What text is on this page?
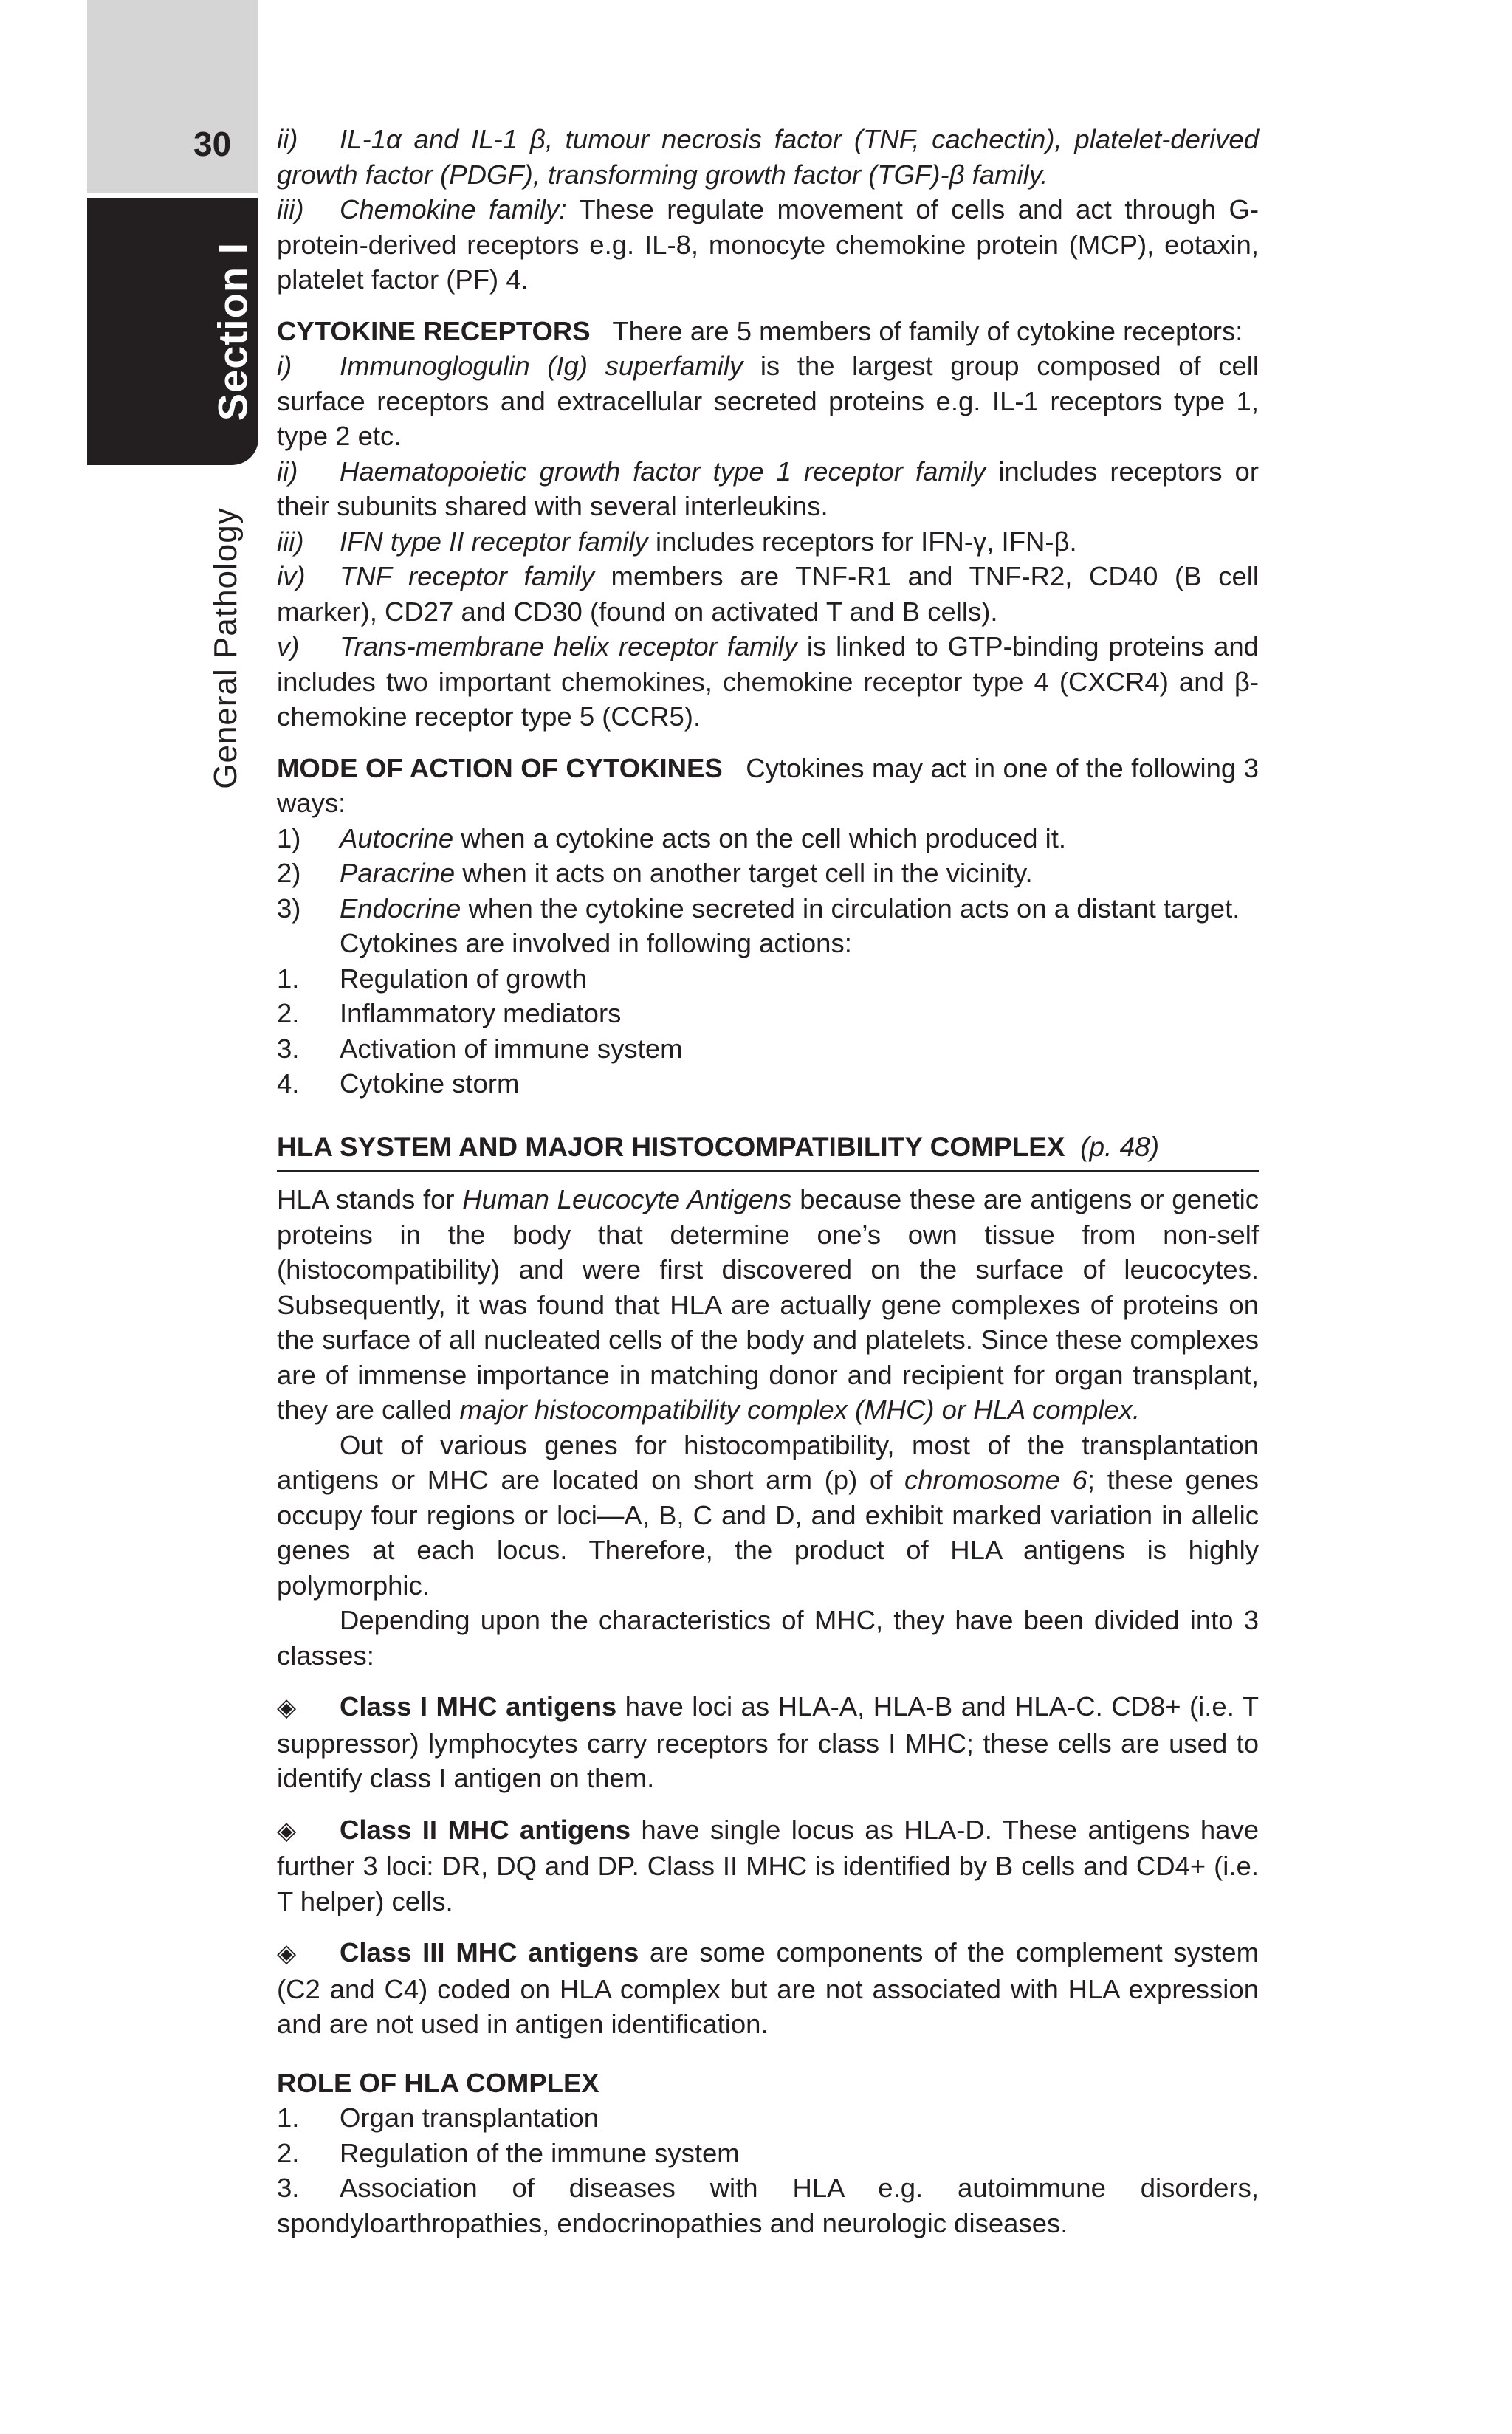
30
Section I
General Pathology

ii) IL-1α and IL-1 β, tumour necrosis factor (TNF, cachectin), platelet-derived growth factor (PDGF), transforming growth factor (TGF)-β family.

iii) Chemokine family: These regulate movement of cells and act through G-protein-derived receptors e.g. IL-8, monocyte chemokine protein (MCP), eotaxin, platelet factor (PF) 4.

CYTOKINE RECEPTORS There are 5 members of family of cytokine receptors:

i) Immunoglogulin (Ig) superfamily is the largest group composed of cell surface receptors and extracellular secreted proteins e.g. IL-1 receptors type 1, type 2 etc.

ii) Haematopoietic growth factor type 1 receptor family includes receptors or their subunits shared with several interleukins.

iii) IFN type II receptor family includes receptors for IFN-γ, IFN-β.

iv) TNF receptor family members are TNF-R1 and TNF-R2, CD40 (B cell marker), CD27 and CD30 (found on activated T and B cells).

v) Trans-membrane helix receptor family is linked to GTP-binding proteins and includes two important chemokines, chemokine receptor type 4 (CXCR4) and β-chemokine receptor type 5 (CCR5).

MODE OF ACTION OF CYTOKINES Cytokines may act in one of the following 3 ways:

1) Autocrine when a cytokine acts on the cell which produced it.

2) Paracrine when it acts on another target cell in the vicinity.

3) Endocrine when the cytokine secreted in circulation acts on a distant target.

Cytokines are involved in following actions:

1. Regulation of growth

2. Inflammatory mediators

3. Activation of immune system

4. Cytokine storm

HLA SYSTEM AND MAJOR HISTOCOMPATIBILITY COMPLEX (p. 48)

HLA stands for Human Leucocyte Antigens because these are antigens or genetic proteins in the body that determine one’s own tissue from non-self (histocompatibility) and were first discovered on the surface of leucocytes. Subsequently, it was found that HLA are actually gene complexes of proteins on the surface of all nucleated cells of the body and platelets. Since these complexes are of immense importance in matching donor and recipient for organ transplant, they are called major histocompatibility complex (MHC) or HLA complex.

Out of various genes for histocompatibility, most of the transplantation antigens or MHC are located on short arm (p) of chromosome 6; these genes occupy four regions or loci—A, B, C and D, and exhibit marked variation in allelic genes at each locus. Therefore, the product of HLA antigens is highly polymorphic.

Depending upon the characteristics of MHC, they have been divided into 3 classes:

◈ Class I MHC antigens have loci as HLA-A, HLA-B and HLA-C. CD8+ (i.e. T suppressor) lymphocytes carry receptors for class I MHC; these cells are used to identify class I antigen on them.

◈ Class II MHC antigens have single locus as HLA-D. These antigens have further 3 loci: DR, DQ and DP. Class II MHC is identified by B cells and CD4+ (i.e. T helper) cells.

◈ Class III MHC antigens are some components of the complement system (C2 and C4) coded on HLA complex but are not associated with HLA expression and are not used in antigen identification.

ROLE OF HLA COMPLEX

1. Organ transplantation

2. Regulation of the immune system

3. Association of diseases with HLA e.g. autoimmune disorders, spondyloarthropathies, endocrinopathies and neurologic diseases.
